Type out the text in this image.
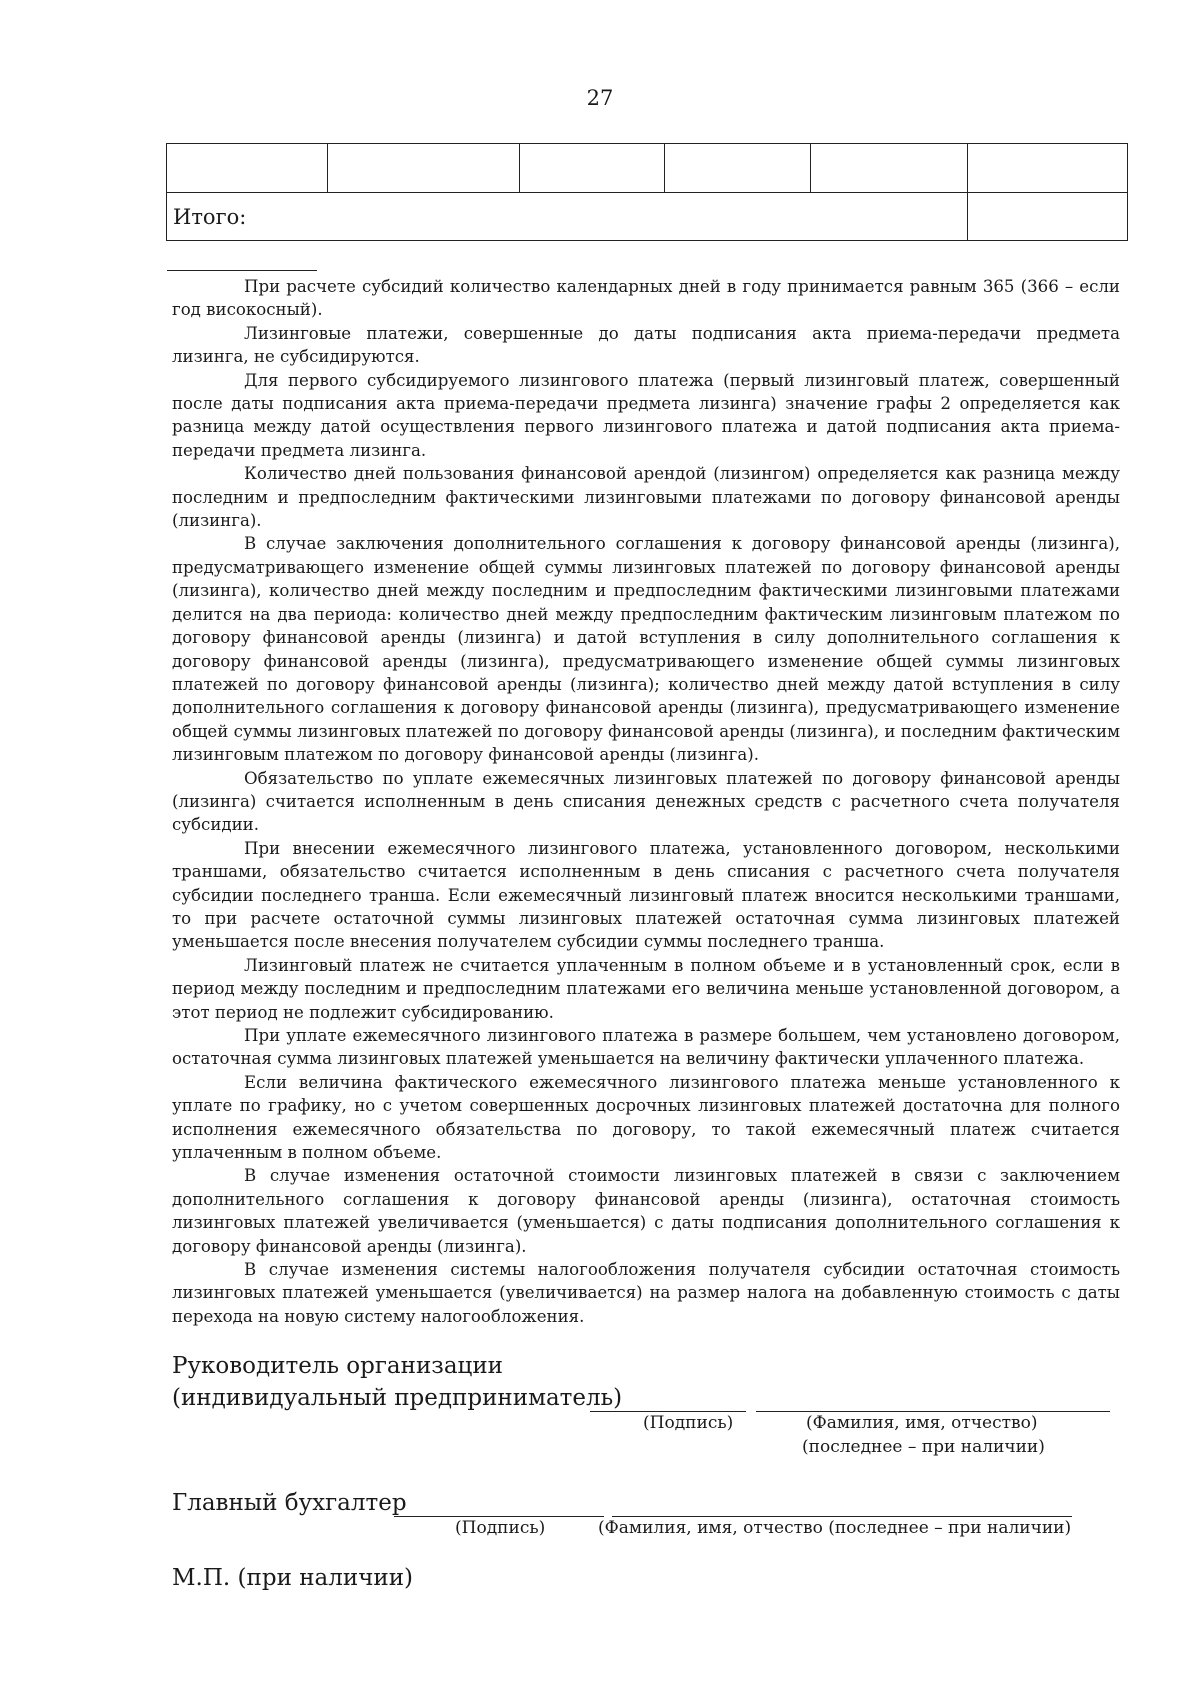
27

Итого:					

При расчете субсидий количество календарных дней в году принимается равным 365 (366 – если год високосный).

Лизинговые платежи, совершенные до даты подписания акта приема-передачи предмета лизинга, не субсидируются.

Для первого субсидируемого лизингового платежа (первый лизинговый платеж, совершенный после даты подписания акта приема-передачи предмета лизинга) значение графы 2 определяется как разница между датой осуществления первого лизингового платежа и датой подписания акта приема-передачи предмета лизинга.

Количество дней пользования финансовой арендой (лизингом) определяется как разница между последним и предпоследним фактическими лизинговыми платежами по договору финансовой аренды (лизинга).

В случае заключения дополнительного соглашения к договору финансовой аренды (лизинга), предусматривающего изменение общей суммы лизинговых платежей по договору финансовой аренды (лизинга), количество дней между последним и предпоследним фактическими лизинговыми платежами делится на два периода: количество дней между предпоследним фактическим лизинговым платежом по договору финансовой аренды (лизинга) и датой вступления в силу дополнительного соглашения к договору финансовой аренды (лизинга), предусматривающего изменение общей суммы лизинговых платежей по договору финансовой аренды (лизинга); количество дней между датой вступления в силу дополнительного соглашения к договору финансовой аренды (лизинга), предусматривающего изменение общей суммы лизинговых платежей по договору финансовой аренды (лизинга), и последним фактическим лизинговым платежом по договору финансовой аренды (лизинга).

Обязательство по уплате ежемесячных лизинговых платежей по договору финансовой аренды (лизинга) считается исполненным в день списания денежных средств с расчетного счета получателя субсидии.

При внесении ежемесячного лизингового платежа, установленного договором, несколькими траншами, обязательство считается исполненным в день списания с расчетного счета получателя субсидии последнего транша. Если ежемесячный лизинговый платеж вносится несколькими траншами, то при расчете остаточной суммы лизинговых платежей остаточная сумма лизинговых платежей уменьшается после внесения получателем субсидии суммы последнего транша.

Лизинговый платеж не считается уплаченным в полном объеме и в установленный срок, если в период между последним и предпоследним платежами его величина меньше установленной договором, а этот период не подлежит субсидированию.

При уплате ежемесячного лизингового платежа в размере большем, чем установлено договором, остаточная сумма лизинговых платежей уменьшается на величину фактически уплаченного платежа.

Если величина фактического ежемесячного лизингового платежа меньше установленного к уплате по графику, но с учетом совершенных досрочных лизинговых платежей достаточна для полного исполнения ежемесячного обязательства по договору, то такой ежемесячный платеж считается уплаченным в полном объеме.

В случае изменения остаточной стоимости лизинговых платежей в связи с заключением дополнительного соглашения к договору финансовой аренды (лизинга), остаточная стоимость лизинговых платежей увеличивается (уменьшается) с даты подписания дополнительного соглашения к договору финансовой аренды (лизинга).

В случае изменения системы налогообложения получателя субсидии остаточная стоимость лизинговых платежей уменьшается (увеличивается) на размер налога на добавленную стоимость с даты перехода на новую систему налогообложения.

Руководитель организации
(индивидуальный предприниматель)
(Подпись)	(Фамилия, имя, отчество)
(последнее – при наличии)
Главный бухгалтер
(Подпись)	(Фамилия, имя, отчество (последнее – при наличии)
М.П. (при наличии)
